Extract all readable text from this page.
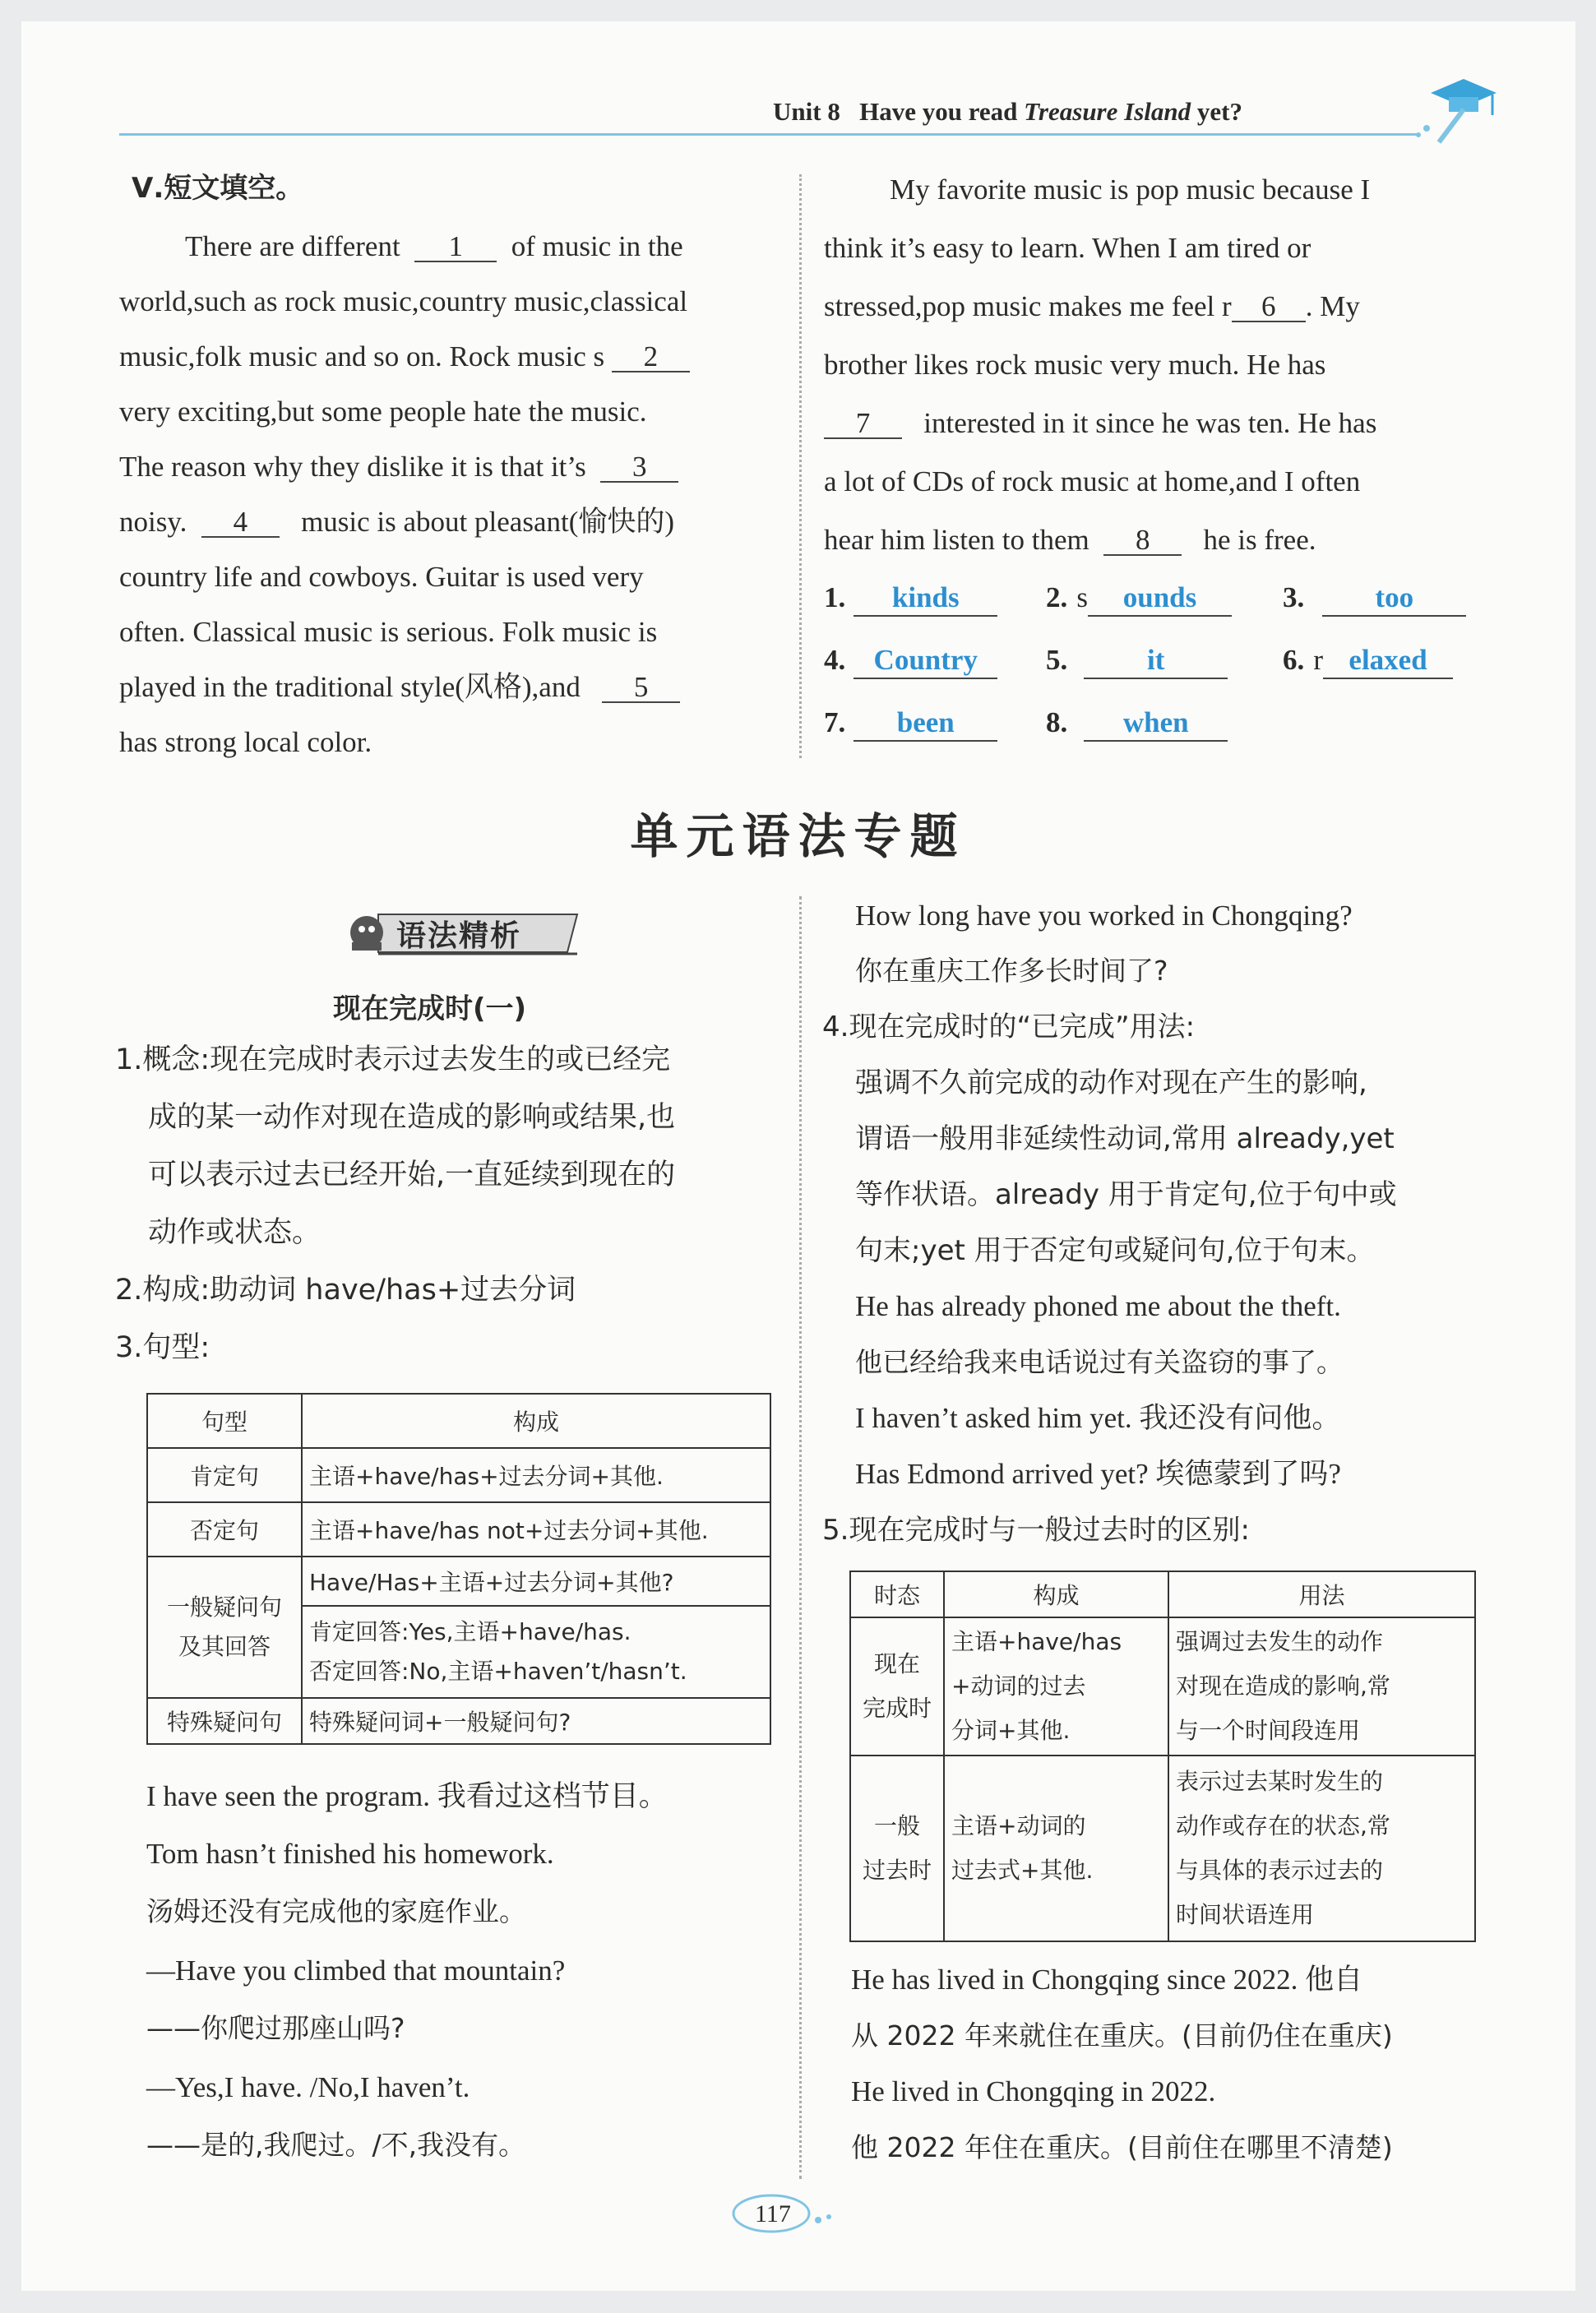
Unit 8 Have you read Treasure Island yet?
Ⅴ.短文填空。
There are different 1 of music in the
world,such as rock music,country music,classical
music,folk music and so on. Rock music s 2
very exciting,but some people hate the music.
The reason why they dislike it is that it’s 3
noisy. 4 music is about pleasant(愉快的)
country life and cowboys. Guitar is used very
often. Classical music is serious. Folk music is
played in the traditional style(风格),and 5
has strong local color.
My favorite music is pop music because I
think it’s easy to learn. When I am tired or
stressed,pop music makes me feel r 6 . My
brother likes rock music very much. He has
7 interested in it since he was ten. He has
a lot of CDs of rock music at home,and I often
hear him listen to them 8 he is free.
1. kinds	2. s ounds	3. too
4. Country	5.	it	6. r elaxed
7. been	8. when
单元语法专题
语法精析
现在完成时(一)
1.概念:现在完成时表示过去发生的或已经完
成的某一动作对现在造成的影响或结果,也
可以表示过去已经开始,一直延续到现在的
动作或状态。
2.构成:助动词 have/has+过去分词
3.句型:
句型	构成
肯定句	主语+have/has+过去分词+其他.
否定句	主语+have/has not+过去分词+其他.
一般疑问句
及其回答	Have/Has+主语+过去分词+其他?
	肯定回答:Yes,主语+have/has.
否定回答:No,主语+haven’t/hasn’t.
特殊疑问句	特殊疑问词+一般疑问句?
I have seen the program. 我看过这档节目。
Tom hasn’t finished his homework.
汤姆还没有完成他的家庭作业。
—Have you climbed that mountain?
——你爬过那座山吗?
—Yes,I have. /No,I haven’t.
——是的,我爬过。/不,我没有。
How long have you worked in Chongqing?
你在重庆工作多长时间了?
4.现在完成时的“已完成”用法:
强调不久前完成的动作对现在产生的影响,
谓语一般用非延续性动词,常用 already,yet
等作状语。already 用于肯定句,位于句中或
句末;yet 用于否定句或疑问句,位于句末。
He has already phoned me about the theft.
他已经给我来电话说过有关盗窃的事了。
I haven’t asked him yet. 我还没有问他。
Has Edmond arrived yet? 埃德蒙到了吗?
5.现在完成时与一般过去时的区别:
时态	构成	用法
现在
完成时	主语+have/has
+动词的过去
分词+其他.	强调过去发生的动作
对现在造成的影响,常
与一个时间段连用
一般
过去时	主语+动词的
过去式+其他.	表示过去某时发生的
动作或存在的状态,常
与具体的表示过去的
时间状语连用
He has lived in Chongqing since 2022. 他自
从 2022 年来就住在重庆。(目前仍住在重庆)
He lived in Chongqing in 2022.
他 2022 年住在重庆。(目前住在哪里不清楚)
117
